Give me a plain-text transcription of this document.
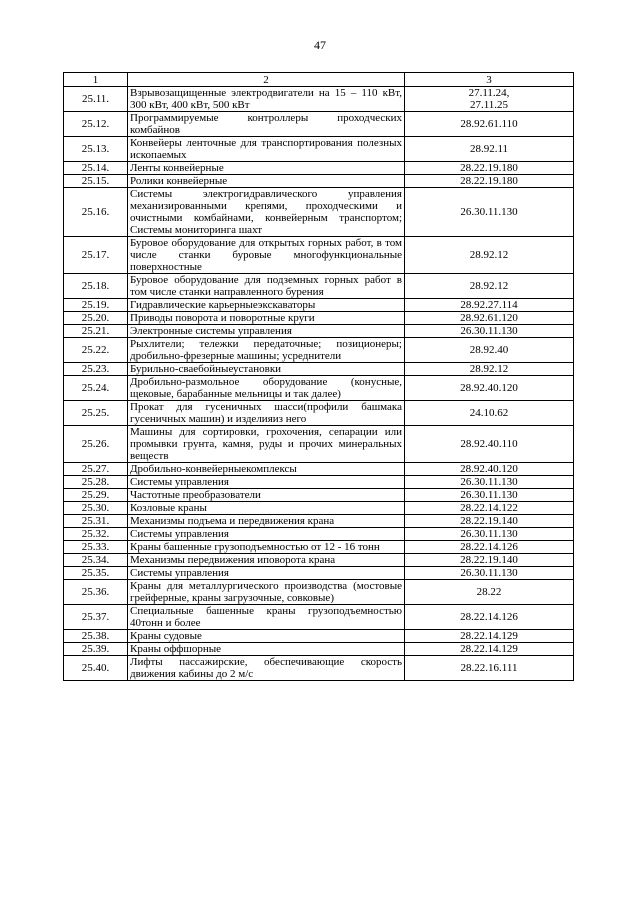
47
1	2	3
25.11.	Взрывозащищенные электродвигатели на 15 – 110 кВт, 300 кВт, 400 кВт, 500 кВт	27.11.24,
27.11.25
25.12.	Программируемые контроллеры проходческих комбайнов	28.92.61.110
25.13.	Конвейеры ленточные для транспортирования полезных ископаемых	28.92.11
25.14.	Ленты конвейерные	28.22.19.180
25.15.	Ролики конвейерные	28.22.19.180
25.16.	Системы электрогидравлического управления механизированными крепями, проходческими и очистными комбайнами, конвейерным транспортом; Системы мониторинга шахт	26.30.11.130
25.17.	Буровое оборудование для открытых горных работ, в том числе станки буровые многофункциональные поверхностные	28.92.12
25.18.	Буровое оборудование для подземных горных работ в том числе станки направленного бурения	28.92.12
25.19.	Гидравлические карьерныеэкскаваторы	28.92.27.114
25.20.	Приводы поворота и поворотные круги	28.92.61.120
25.21.	Электронные системы управления	26.30.11.130
25.22.	Рыхлители; тележки передаточные; позиционеры; дробильно-фрезерные машины; усреднители	28.92.40
25.23.	Бурильно-сваебойныеустановки	28.92.12
25.24.	Дробильно-размольное оборудование (конусные, щековые, барабанные мельницы и так далее)	28.92.40.120
25.25.	Прокат для гусеничных шасси(профили башмака гусеничных машин) и изделияиз него	24.10.62
25.26.	Машины для сортировки, грохочения, сепарации или промывки грунта, камня, руды и прочих минеральных веществ	28.92.40.110
25.27.	Дробильно-конвейерныекомплексы	28.92.40.120
25.28.	Системы управления	26.30.11.130
25.29.	Частотные преобразователи	26.30.11.130
25.30.	Козловые краны	28.22.14.122
25.31.	Механизмы подъема и передвижения крана	28.22.19.140
25.32.	Системы управления	26.30.11.130
25.33.	Краны башенные грузоподъемностью от 12 - 16 тонн	28.22.14.126
25.34.	Механизмы передвижения иповорота крана	28.22.19.140
25.35.	Системы управления	26.30.11.130
25.36.	Краны для металлургического производства (мостовые грейферные, краны загрузочные, совковые)	28.22
25.37.	Специальные башенные краны грузоподъемностью 40тонн и более	28.22.14.126
25.38.	Краны судовые	28.22.14.129
25.39.	Краны оффшорные	28.22.14.129
25.40.	Лифты пассажирские, обеспечивающие скорость движения кабины до 2 м/с	28.22.16.111
